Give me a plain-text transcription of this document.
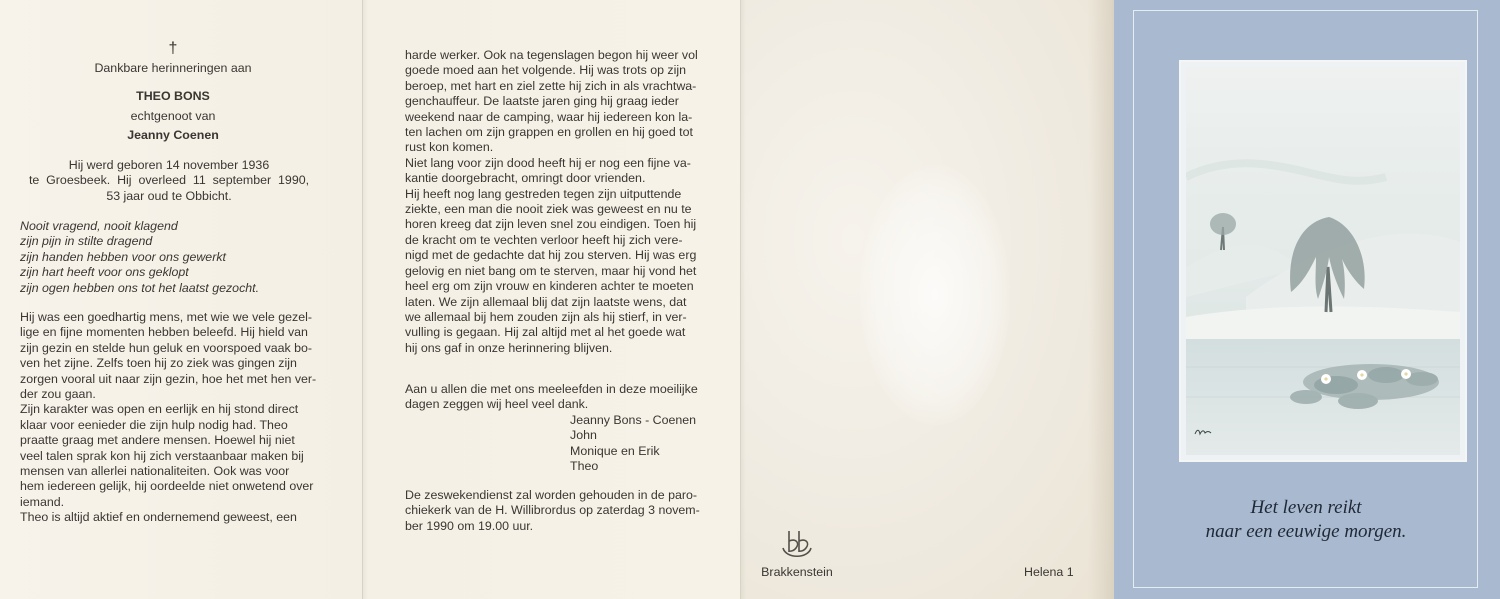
†
Dankbare herinneringen aan
THEO BONS
echtgenoot van
Jeanny Coenen
Hij werd geboren 14 november 1936
te  Groesbeek.  Hij  overleed  11  september  1990,
53 jaar oud te Obbicht.
Nooit vragend, nooit klagend
zijn pijn in stilte dragend
zijn handen hebben voor ons gewerkt
zijn hart heeft voor ons geklopt
zijn ogen hebben ons tot het laatst gezocht.
Hij was een goedhartig mens, met wie we vele gezel-
lige en fijne momenten hebben beleefd. Hij hield van
zijn gezin en stelde hun geluk en voorspoed vaak bo-
ven het zijne. Zelfs toen hij zo ziek was gingen zijn
zorgen vooral uit naar zijn gezin, hoe het met hen ver-
der zou gaan.
Zijn karakter was open en eerlijk en hij stond direct
klaar voor eenieder die zijn hulp nodig had. Theo
praatte graag met andere mensen. Hoewel hij niet
veel talen sprak kon hij zich verstaanbaar maken bij
mensen van allerlei nationaliteiten. Ook was voor
hem iedereen gelijk, hij oordeelde niet onwetend over
iemand.
Theo is altijd aktief en ondernemend geweest, een
harde werker. Ook na tegenslagen begon hij weer vol
goede moed aan het volgende. Hij was trots op zijn
beroep, met hart en ziel zette hij zich in als vrachtwa-
genchauffeur. De laatste jaren ging hij graag ieder
weekend naar de camping, waar hij iedereen kon la-
ten lachen om zijn grappen en grollen en hij goed tot
rust kon komen.
Niet lang voor zijn dood heeft hij er nog een fijne va-
kantie doorgebracht, omringt door vrienden.
Hij heeft nog lang gestreden tegen zijn uitputtende
ziekte, een man die nooit ziek was geweest en nu te
horen kreeg dat zijn leven snel zou eindigen. Toen hij
de kracht om te vechten verloor heeft hij zich vere-
nigd met de gedachte dat hij zou sterven. Hij was erg
gelovig en niet bang om te sterven, maar hij vond het
heel erg om zijn vrouw en kinderen achter te moeten
laten. We zijn allemaal blij dat zijn laatste wens, dat
we allemaal bij hem zouden zijn als hij stierf, in ver-
vulling is gegaan. Hij zal altijd met al het goede wat
hij ons gaf in onze herinnering blijven.
Aan u allen die met ons meeleefden in deze moeilijke
dagen zeggen wij heel veel dank.
Jeanny Bons - Coenen
John
Monique en Erik
Theo
De zeswekendienst zal worden gehouden in de paro-
chiekerk van de H. Willibrordus op zaterdag 3 novem-
ber 1990 om 19.00 uur.
Brakkenstein	Helena 1
Het leven reikt
naar een eeuwige morgen.
